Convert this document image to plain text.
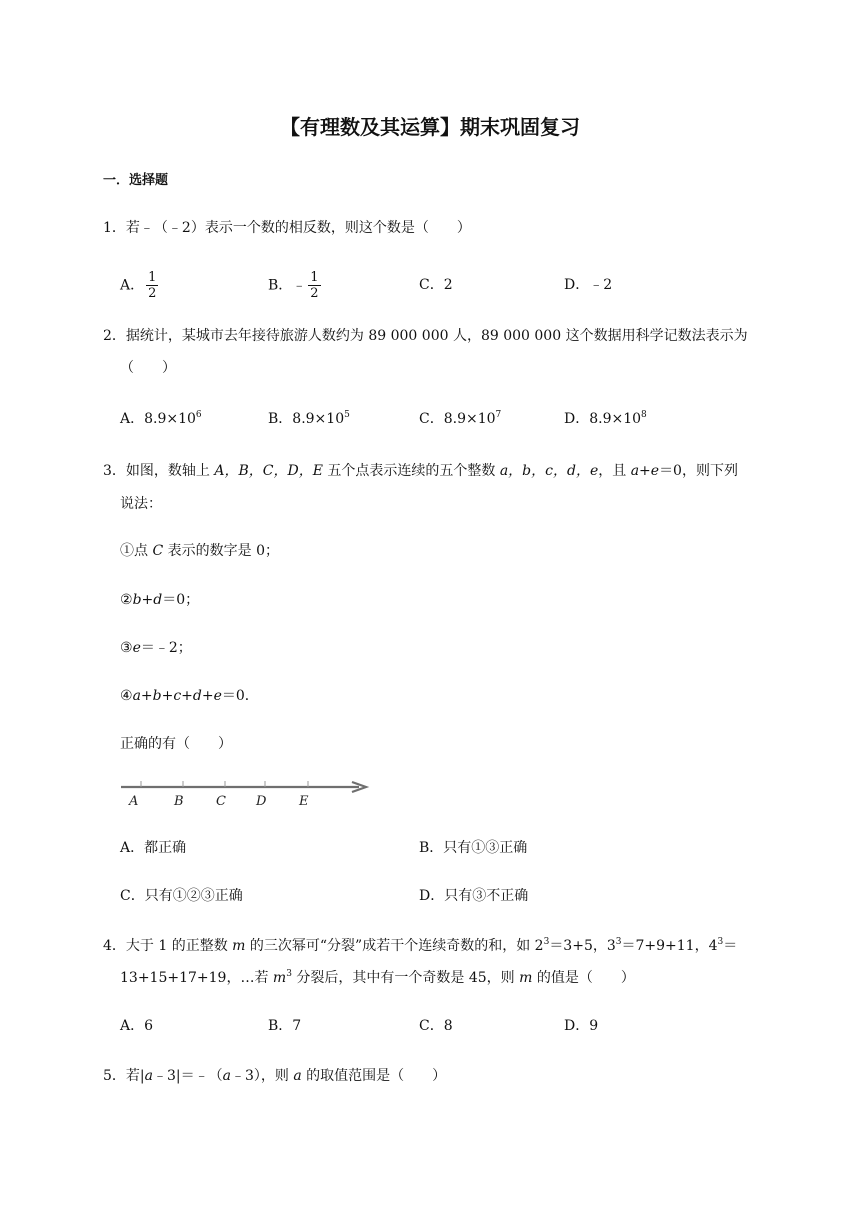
【有理数及其运算】期末巩固复习
一．选择题
1．若﹣（﹣2）表示一个数的相反数，则这个数是（　　）
A． $\frac{1}{2}$	B．﹣ $\frac{1}{2}$	C．2	D．﹣2
2．据统计，某城市去年接待旅游人数约为 89 000 000 人，89 000 000 这个数据用科学记数法表示为
（　　）
A．$8.9\times 10^6$	B．$8.9\times 10^5$	C．$8.9\times 10^7$	D．$8.9\times 10^8$
3．如图，数轴上 A，B，C，D，E 五个点表示连续的五个整数 a，b，c，d，e，且 a+e＝0，则下列
说法：
①点 C 表示的数字是 0；
②b+d＝0；
③e＝﹣2；
④a+b+c+d+e＝0．
正确的有（　　）
A	B C D	E
A．都正确	B．只有①③正确
C．只有①②③正确	D．只有③不正确
4．大于 1 的正整数 m 的三次幂可“分裂”成若干个连续奇数的和，如 $2^3=3+5$，$3^3=7+9+11$，$4^3=$
13+15+17+19，…若 $m^3$ 分裂后，其中有一个奇数是 45，则 m 的值是（　　）
A．6	B．7	C．8	D．9
5．若|a﹣3|＝﹣（a﹣3），则 a 的取值范围是（　　）
